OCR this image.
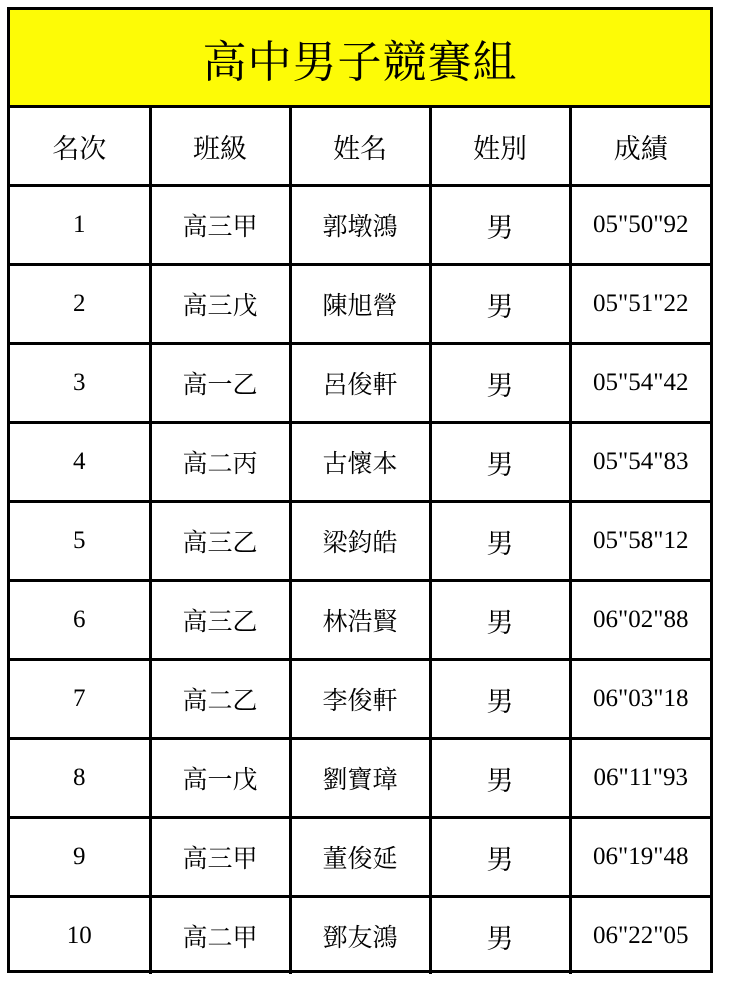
高中男子競賽組
名次	班級	姓名	姓別	成績
1	高三甲	郭墩鴻	男	05"50"92
2	高三戊	陳旭營	男	05"51"22
3	高一乙	呂俊軒	男	05"54"42
4	高二丙	古懷本	男	05"54"83
5	高三乙	梁鈞皓	男	05"58"12
6	高三乙	林浩賢	男	06"02"88
7	高二乙	李俊軒	男	06"03"18
8	高一戊	劉寶璋	男	06"11"93
9	高三甲	董俊延	男	06"19"48
10	高二甲	鄧友鴻	男	06"22"05
